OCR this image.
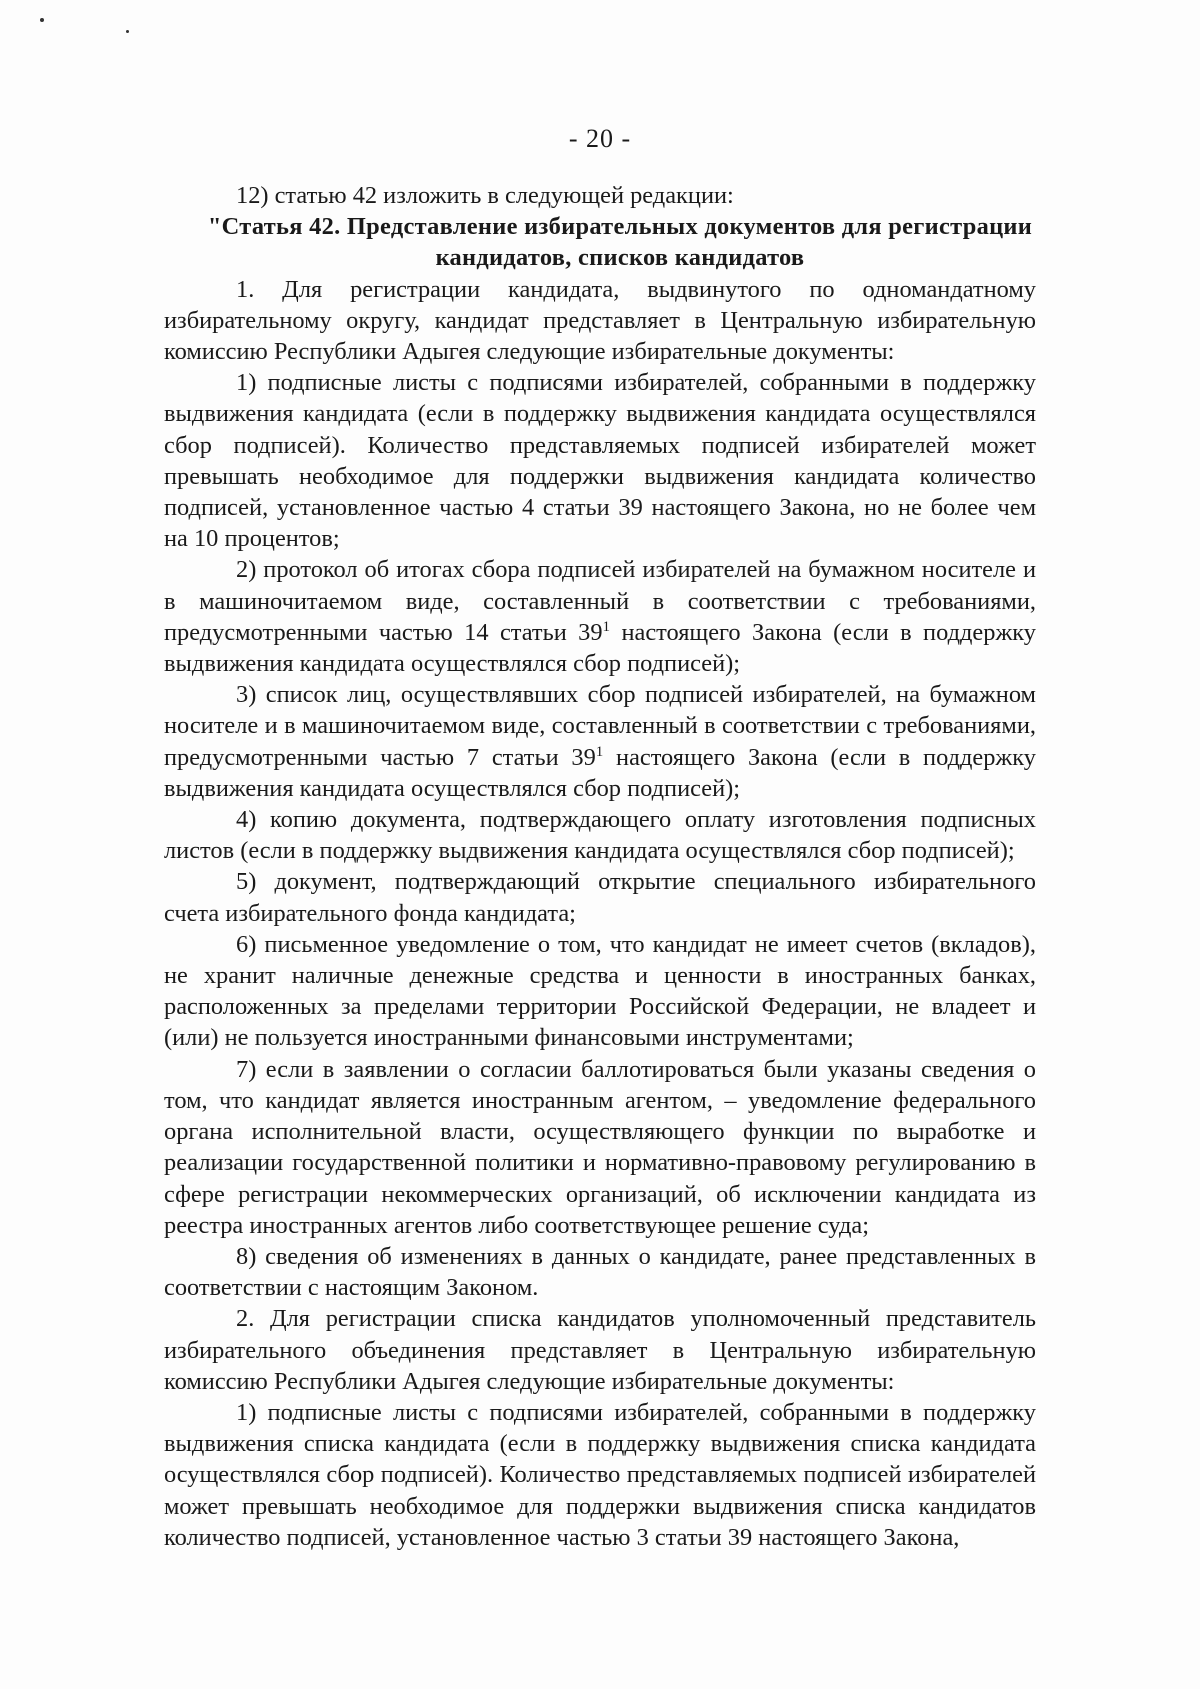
- 20 -

12) статью 42 изложить в следующей редакции:

"Статья 42. Представление избирательных документов для регистрации кандидатов, списков кандидатов

1. Для регистрации кандидата, выдвинутого по одномандатному избирательному округу, кандидат представляет в Центральную избирательную комиссию Республики Адыгея следующие избирательные документы:

1) подписные листы с подписями избирателей, собранными в поддержку выдвижения кандидата (если в поддержку выдвижения кандидата осуществлялся сбор подписей). Количество представляемых подписей избирателей может превышать необходимое для поддержки выдвижения кандидата количество подписей, установленное частью 4 статьи 39 настоящего Закона, но не более чем на 10 процентов;

2) протокол об итогах сбора подписей избирателей на бумажном носителе и в машиночитаемом виде, составленный в соответствии с требованиями, предусмотренными частью 14 статьи $39^1$ настоящего Закона (если в поддержку выдвижения кандидата осуществлялся сбор подписей);

3) список лиц, осуществлявших сбор подписей избирателей, на бумажном носителе и в машиночитаемом виде, составленный в соответствии с требованиями, предусмотренными частью 7 статьи $39^1$ настоящего Закона (если в поддержку выдвижения кандидата осуществлялся сбор подписей);

4) копию документа, подтверждающего оплату изготовления подписных листов (если в поддержку выдвижения кандидата осуществлялся сбор подписей);

5) документ, подтверждающий открытие специального избирательного счета избирательного фонда кандидата;

6) письменное уведомление о том, что кандидат не имеет счетов (вкладов), не хранит наличные денежные средства и ценности в иностранных банках, расположенных за пределами территории Российской Федерации, не владеет и (или) не пользуется иностранными финансовыми инструментами;

7) если в заявлении о согласии баллотироваться были указаны сведения о том, что кандидат является иностранным агентом, – уведомление федерального органа исполнительной власти, осуществляющего функции по выработке и реализации государственной политики и нормативно-правовому регулированию в сфере регистрации некоммерческих организаций, об исключении кандидата из реестра иностранных агентов либо соответствующее решение суда;

8) сведения об изменениях в данных о кандидате, ранее представленных в соответствии с настоящим Законом.

2. Для регистрации списка кандидатов уполномоченный представитель избирательного объединения представляет в Центральную избирательную комиссию Республики Адыгея следующие избирательные документы:

1) подписные листы с подписями избирателей, собранными в поддержку выдвижения списка кандидата (если в поддержку выдвижения списка кандидата осуществлялся сбор подписей). Количество представляемых подписей избирателей может превышать необходимое для поддержки выдвижения списка кандидатов количество подписей, установленное частью 3 статьи 39 настоящего Закона,
